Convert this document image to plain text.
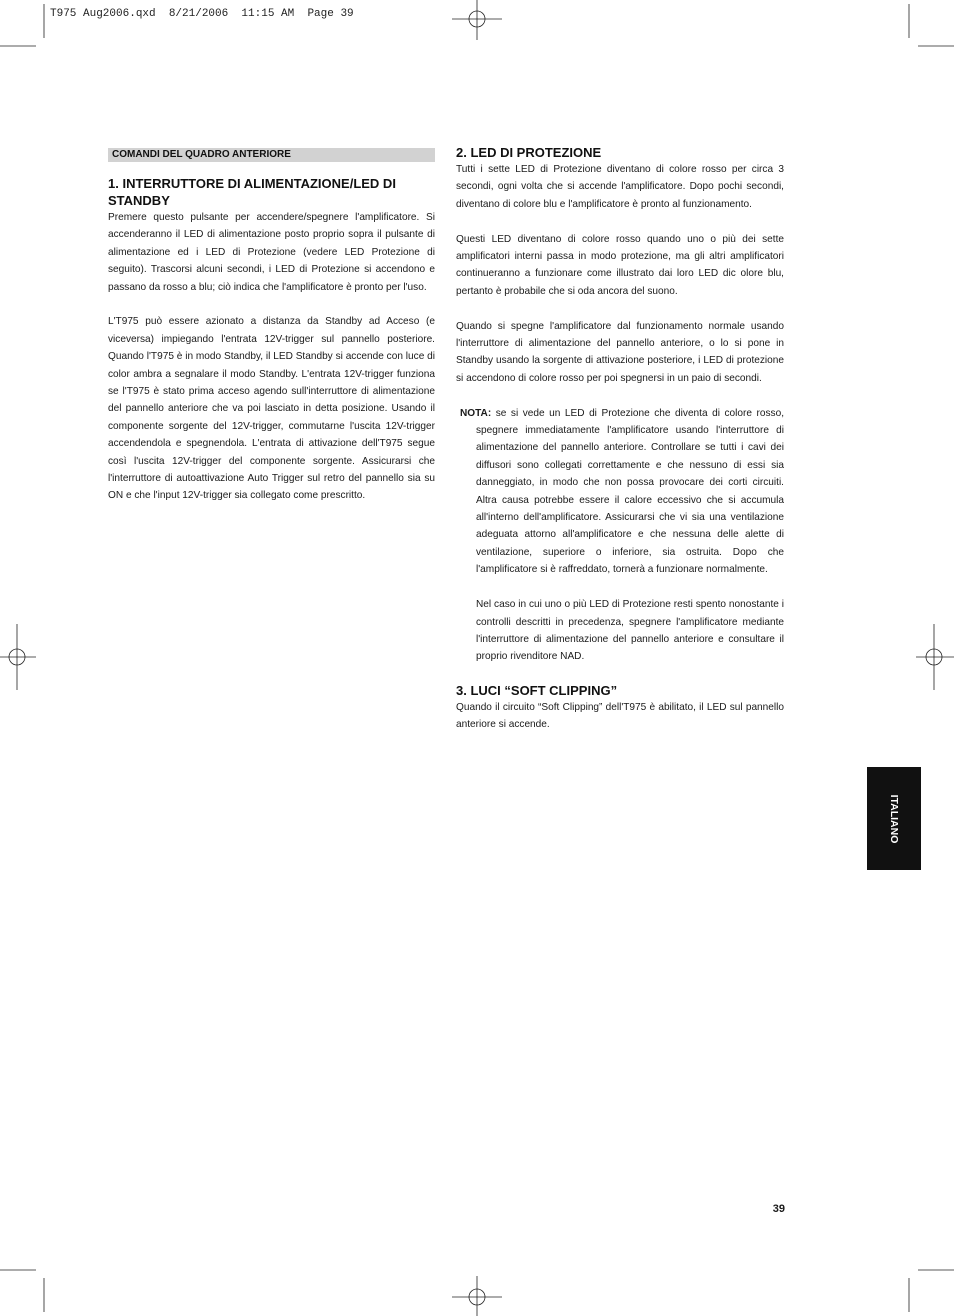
T975 Aug2006.qxd  8/21/2006  11:15 AM  Page 39
COMANDI DEL QUADRO ANTERIORE
1. INTERRUTTORE DI ALIMENTAZIONE/LED DI STANDBY

Premere questo pulsante per accendere/spegnere l'amplificatore. Si accenderanno il LED di alimentazione posto proprio sopra il pulsante di alimentazione ed i LED di Protezione (vedere LED Protezione di seguito). Trascorsi alcuni secondi, i LED di Protezione si accendono e passano da rosso a blu; ciò indica che l'amplificatore è pronto per l'uso.

L'T975 può essere azionato a distanza da Standby ad Acceso (e viceversa) impiegando l'entrata 12V-trigger sul pannello posteriore. Quando l'T975 è in modo Standby, il LED Standby si accende con luce di color ambra a segnalare il modo Standby. L'entrata 12V-trigger funziona se l'T975 è stato prima acceso agendo sull'interruttore di alimentazione del pannello anteriore che va poi lasciato in detta posizione. Usando il componente sorgente del 12V-trigger, commutarne l'uscita 12V-trigger accendendola e spegnendola. L'entrata di attivazione dell'T975 segue così l'uscita 12V-trigger del componente sorgente. Assicurarsi che l'interruttore di autoattivazione Auto Trigger sul retro del pannello sia su ON e che l'input 12V-trigger sia collegato come prescritto.

2. LED DI PROTEZIONE

Tutti i sette LED di Protezione diventano di colore rosso per circa 3 secondi, ogni volta che si accende l'amplificatore. Dopo pochi secondi, diventano di colore blu e l'amplificatore è pronto al funzionamento.

Questi LED diventano di colore rosso quando uno o più dei sette amplificatori interni passa in modo protezione, ma gli altri amplificatori continueranno a funzionare come illustrato dai loro LED dic olore blu, pertanto è probabile che si oda ancora del suono.

Quando si spegne l'amplificatore dal funzionamento normale usando l'interruttore di alimentazione del pannello anteriore, o lo si pone in Standby usando la sorgente di attivazione posteriore, i LED di protezione si accendono di colore rosso per poi spegnersi in un paio di secondi.

NOTA: se si vede un LED di Protezione che diventa di colore rosso, spegnere immediatamente l'amplificatore usando l'interruttore di alimentazione del pannello anteriore. Controllare se tutti i cavi dei diffusori sono collegati correttamente e che nessuno di essi sia danneggiato, in modo che non possa provocare dei corti circuiti. Altra causa potrebbe essere il calore eccessivo che si accumula all'interno dell'amplificatore. Assicurarsi che vi sia una ventilazione adeguata attorno all'amplificatore e che nessuna delle alette di ventilazione, superiore o inferiore, sia ostruita. Dopo che l'amplificatore si è raffreddato, tornerà a funzionare normalmente.

Nel caso in cui uno o più LED di Protezione resti spento nonostante i controlli descritti in precedenza, spegnere l'amplificatore mediante l'interruttore di alimentazione del pannello anteriore e consultare il proprio rivenditore NAD.

3. LUCI “SOFT CLIPPING”

Quando il circuito “Soft Clipping” dell'T975 è abilitato, il LED sul pannello anteriore si accende.

ITALIANO
39
